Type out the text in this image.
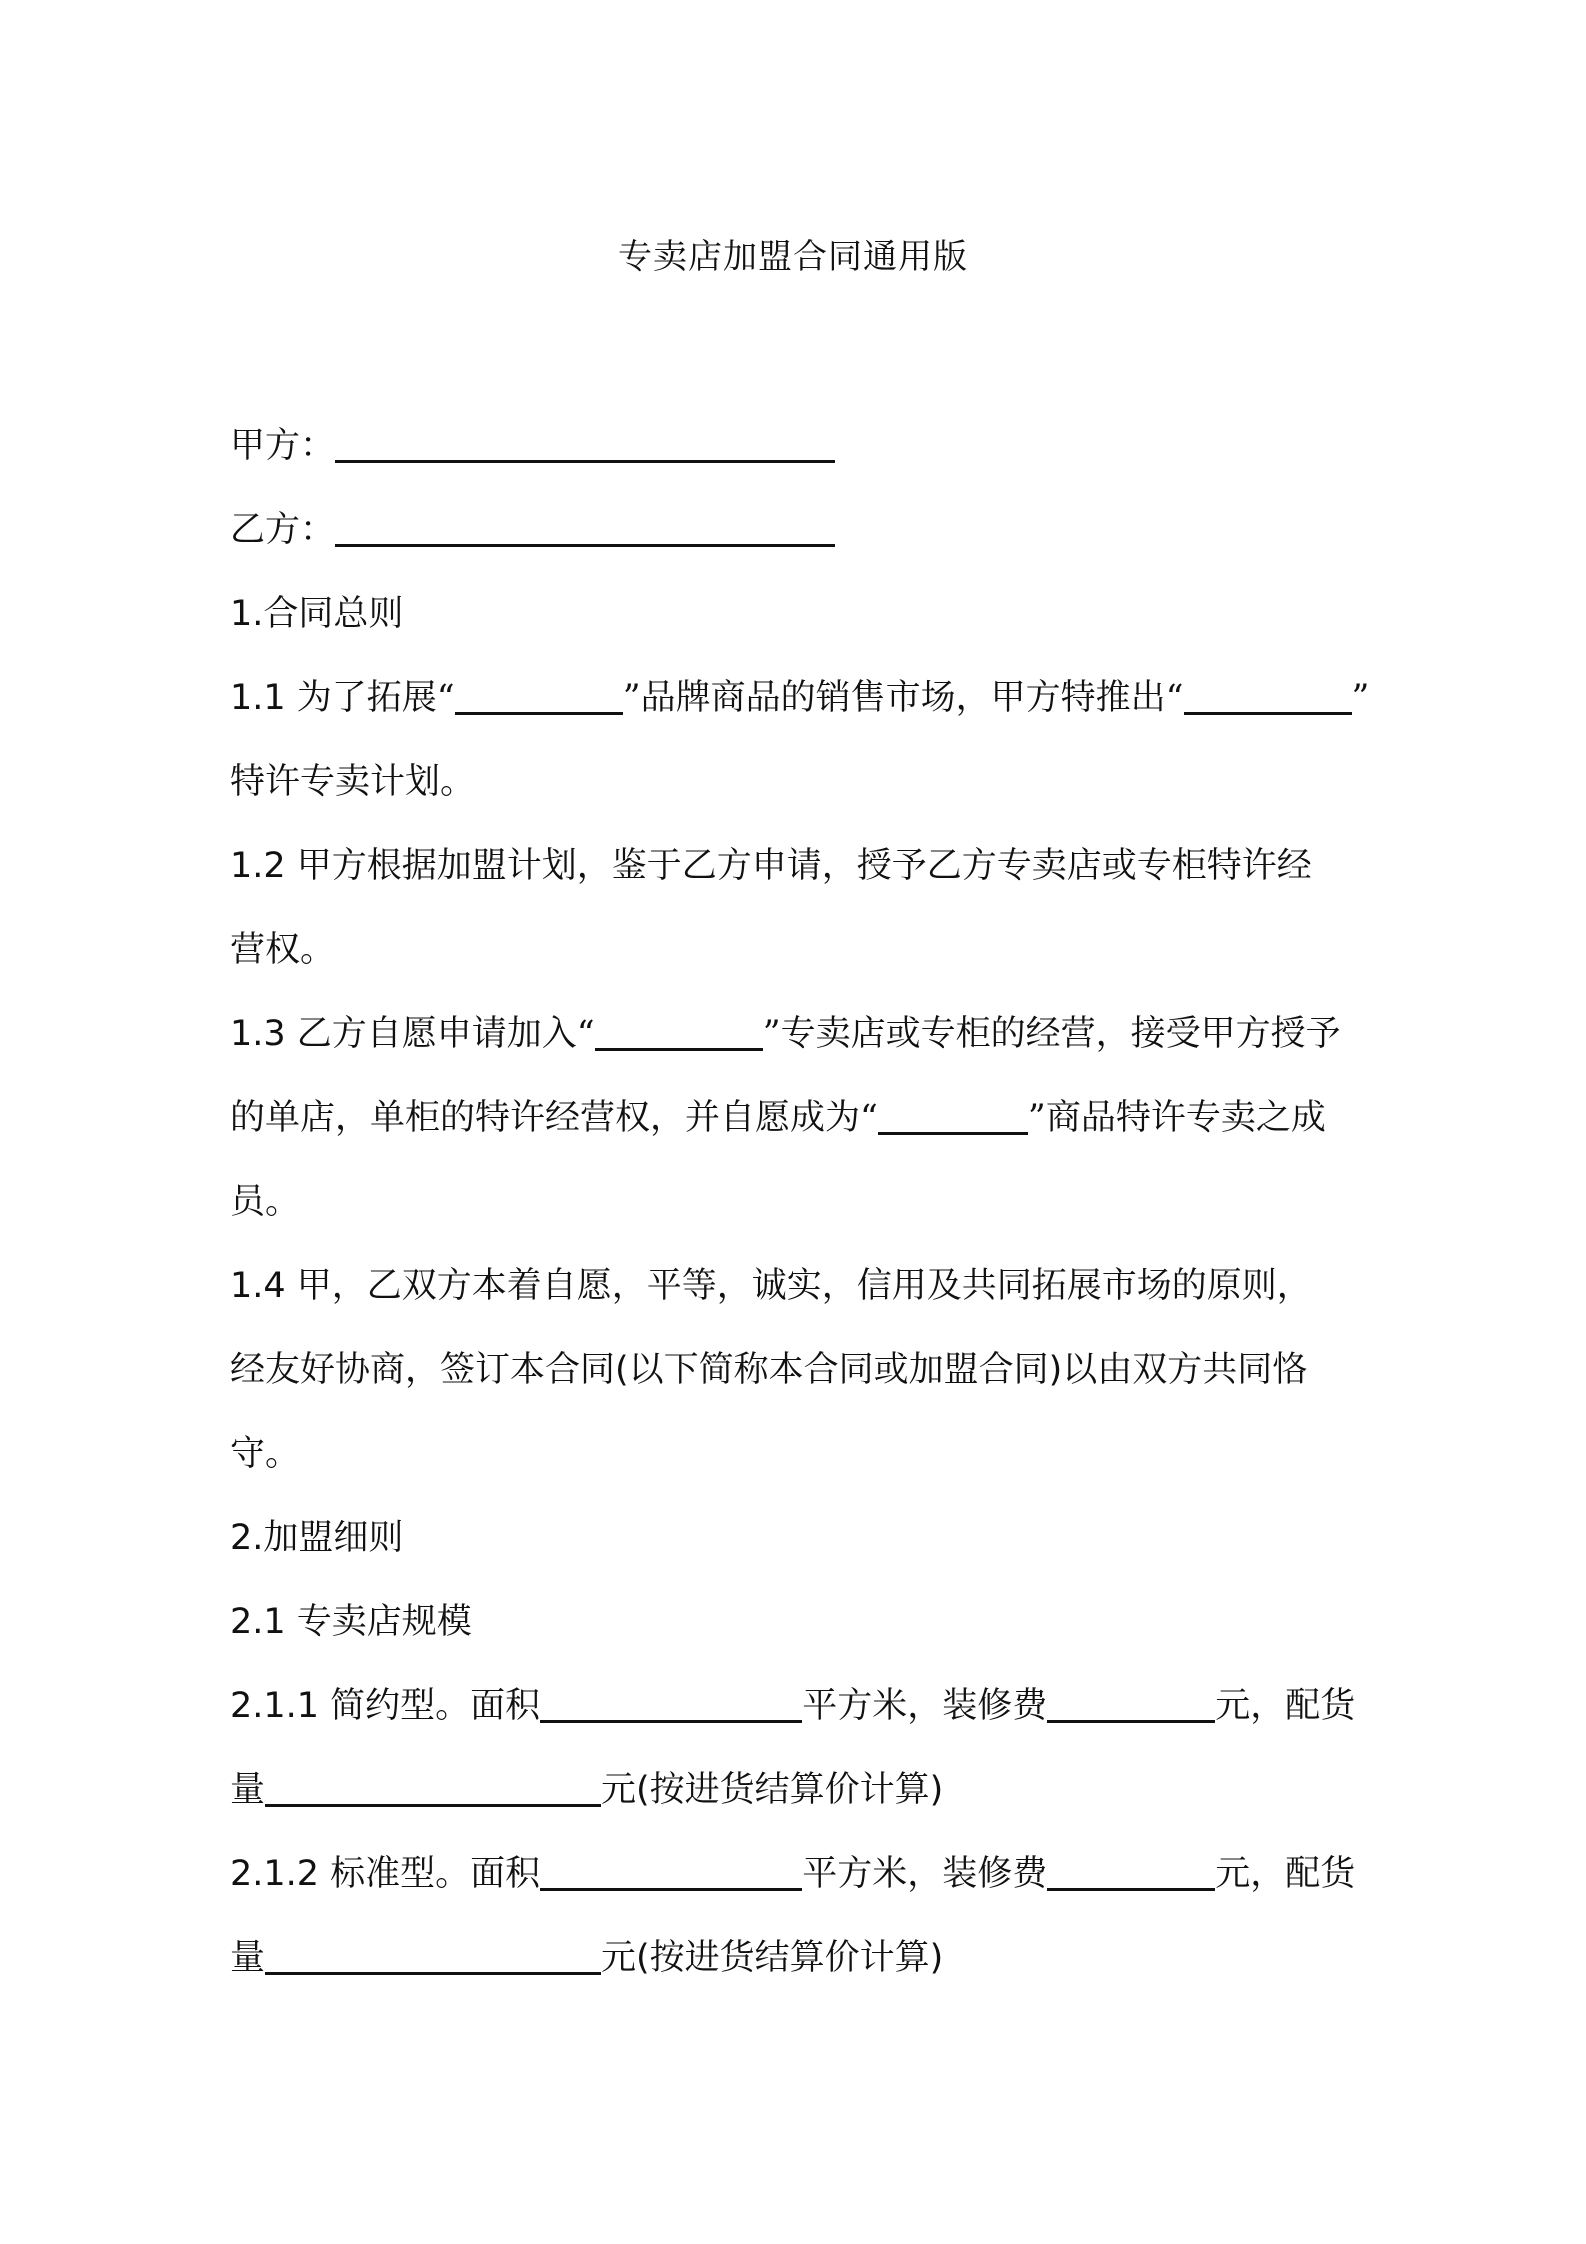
专卖店加盟合同通用版
甲方：
乙方：
1.合同总则
1.1 为了拓展“	”品牌商品的销售市场，甲方特推出“	”
特许专卖计划。
1.2 甲方根据加盟计划，鉴于乙方申请，授予乙方专卖店或专柜特许经
营权。
1.3 乙方自愿申请加入“	”专卖店或专柜的经营，接受甲方授予
的单店，单柜的特许经营权，并自愿成为“	”商品特许专卖之成
员。
1.4 甲，乙双方本着自愿，平等，诚实，信用及共同拓展市场的原则，
经友好协商，签订本合同(以下简称本合同或加盟合同)以由双方共同恪
守。
2.加盟细则
2.1 专卖店规模
2.1.1 简约型。面积	平方米，装修费	元，配货
量	元(按进货结算价计算)
2.1.2 标准型。面积	平方米，装修费	元，配货
量	元(按进货结算价计算)
